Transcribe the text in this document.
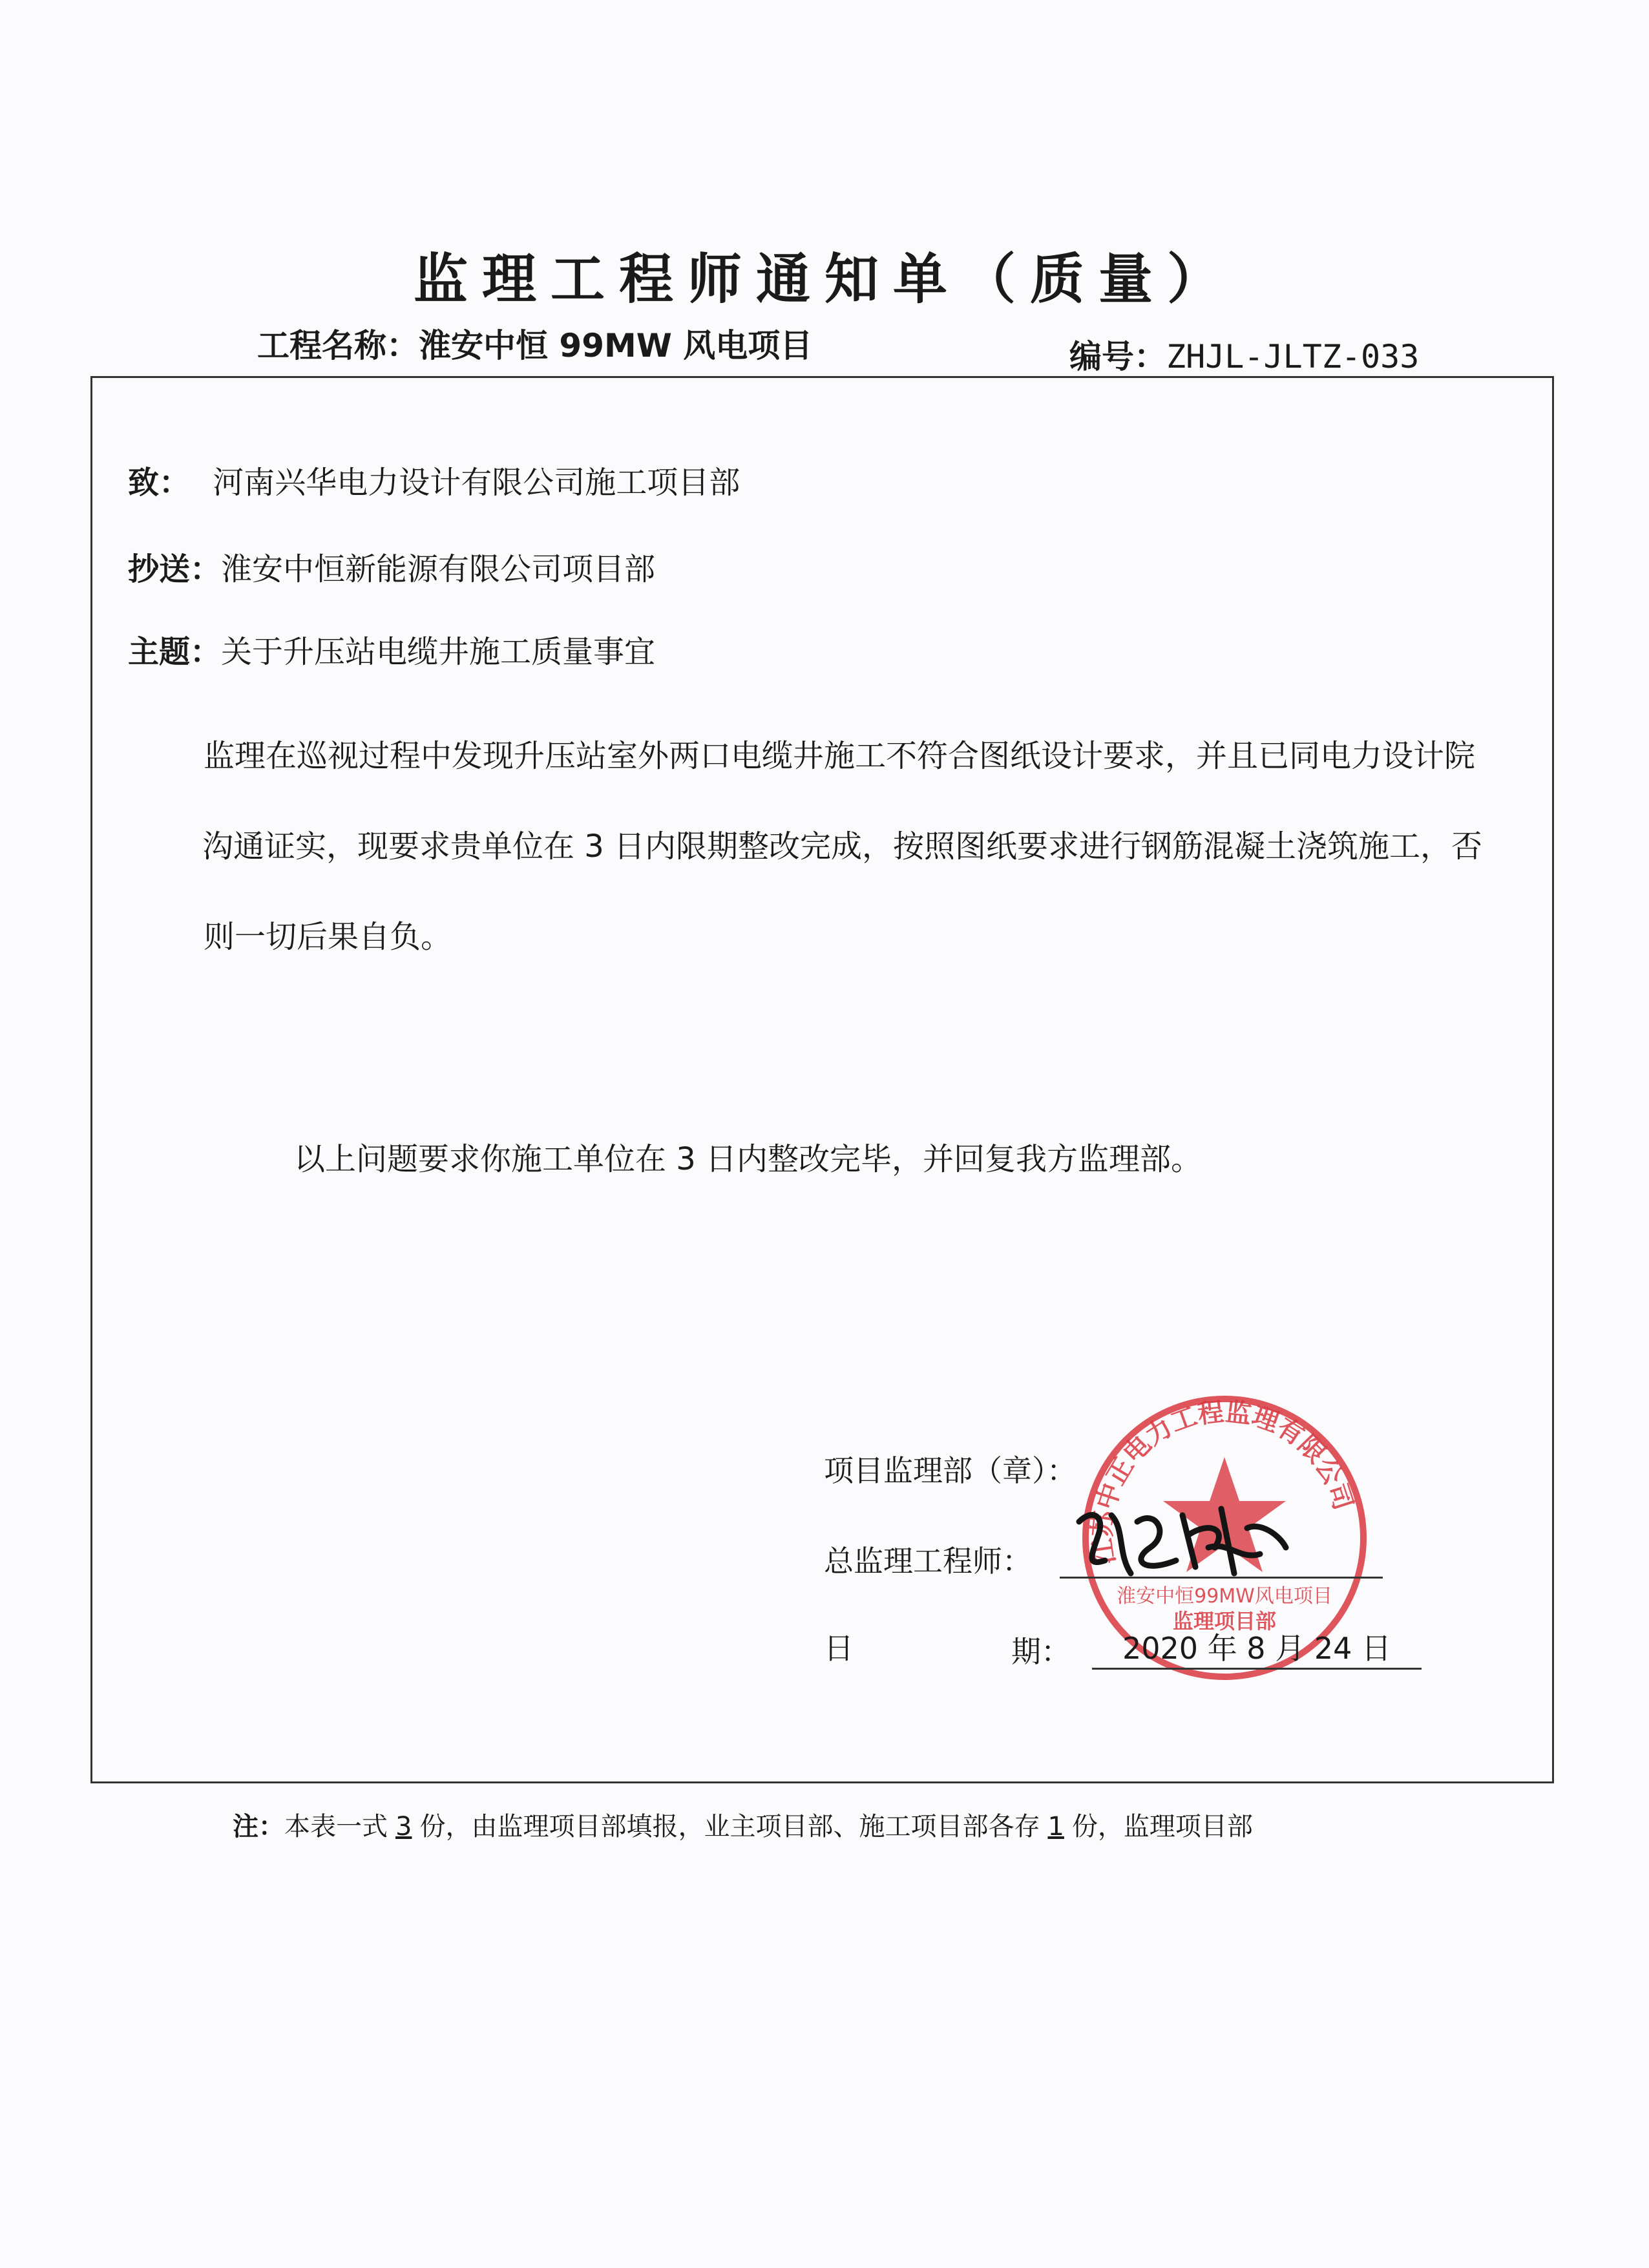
监理工程师通知单（质量）
工程名称：淮安中恒 99MW 风电项目	编号：ZHJL-JLTZ-033
致： 河南兴华电力设计有限公司施工项目部
抄送：淮安中恒新能源有限公司项目部
主题：关于升压站电缆井施工质量事宜

监理在巡视过程中发现升压站室外两口电缆井施工不符合图纸设计要求，并且已同电力设计院

沟通证实，现要求贵单位在 3 日内限期整改完成，按照图纸要求进行钢筋混凝土浇筑施工，否

则一切后果自负。

以上问题要求你施工单位在 3 日内整改完毕，并回复我方监理部。
江苏中正电力工程监理有限公司
淮安中恒99MW风电项目
监理项目部
项目监理部（章）：
总监理工程师：
日	期：	2020 年 8 月 24 日
注：本表一式 3 份，由监理项目部填报，业主项目部、施工项目部各存 1 份，监理项目部
